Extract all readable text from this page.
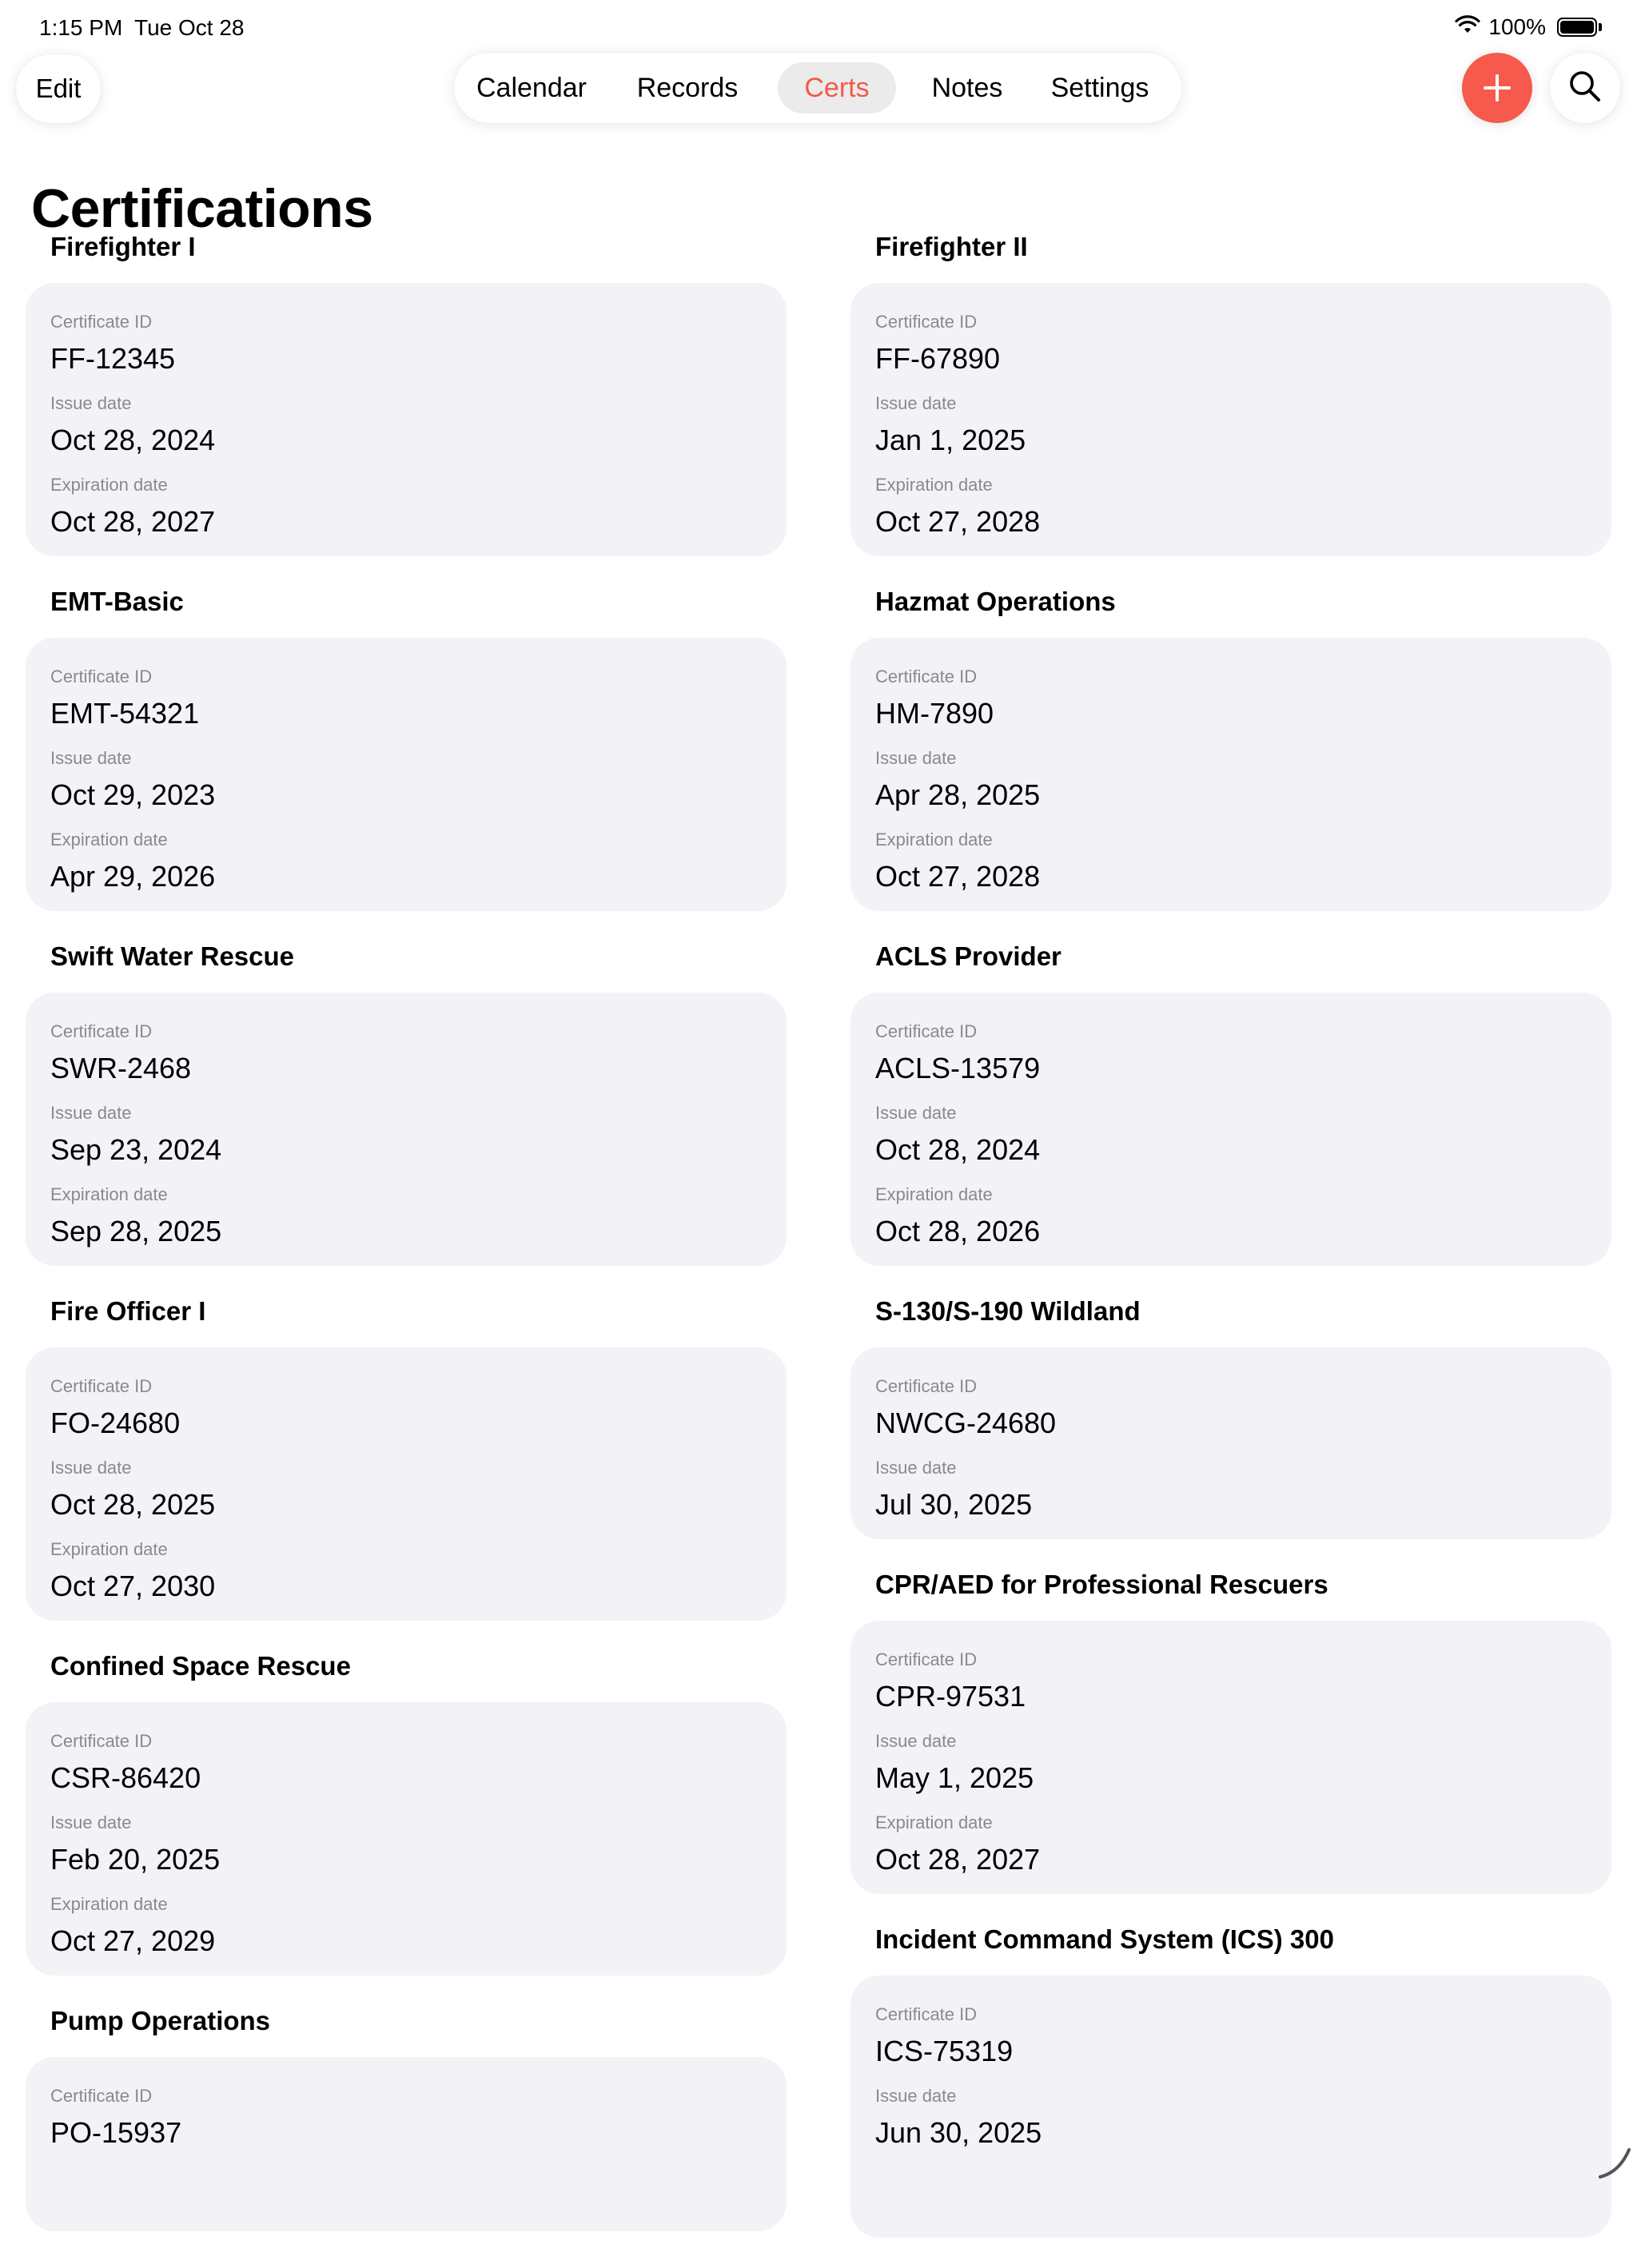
1:15 PM Tue Oct 28	100%
Edit	Calendar	Records	Certs	Notes	Settings
Certifications
Firefighter I
Certificate ID
FF-12345
Issue date
Oct 28, 2024
Expiration date
Oct 28, 2027
EMT-Basic
Certificate ID
EMT-54321
Issue date
Oct 29, 2023
Expiration date
Apr 29, 2026
Swift Water Rescue
Certificate ID
SWR-2468
Issue date
Sep 23, 2024
Expiration date
Sep 28, 2025
Fire Officer I
Certificate ID
FO-24680
Issue date
Oct 28, 2025
Expiration date
Oct 27, 2030
Confined Space Rescue
Certificate ID
CSR-86420
Issue date
Feb 20, 2025
Expiration date
Oct 27, 2029
Pump Operations
Certificate ID
PO-15937
Firefighter II
Certificate ID
FF-67890
Issue date
Jan 1, 2025
Expiration date
Oct 27, 2028
Hazmat Operations
Certificate ID
HM-7890
Issue date
Apr 28, 2025
Expiration date
Oct 27, 2028
ACLS Provider
Certificate ID
ACLS-13579
Issue date
Oct 28, 2024
Expiration date
Oct 28, 2026
S-130/S-190 Wildland
Certificate ID
NWCG-24680
Issue date
Jul 30, 2025
CPR/AED for Professional Rescuers
Certificate ID
CPR-97531
Issue date
May 1, 2025
Expiration date
Oct 28, 2027
Incident Command System (ICS) 300
Certificate ID
ICS-75319
Issue date
Jun 30, 2025
